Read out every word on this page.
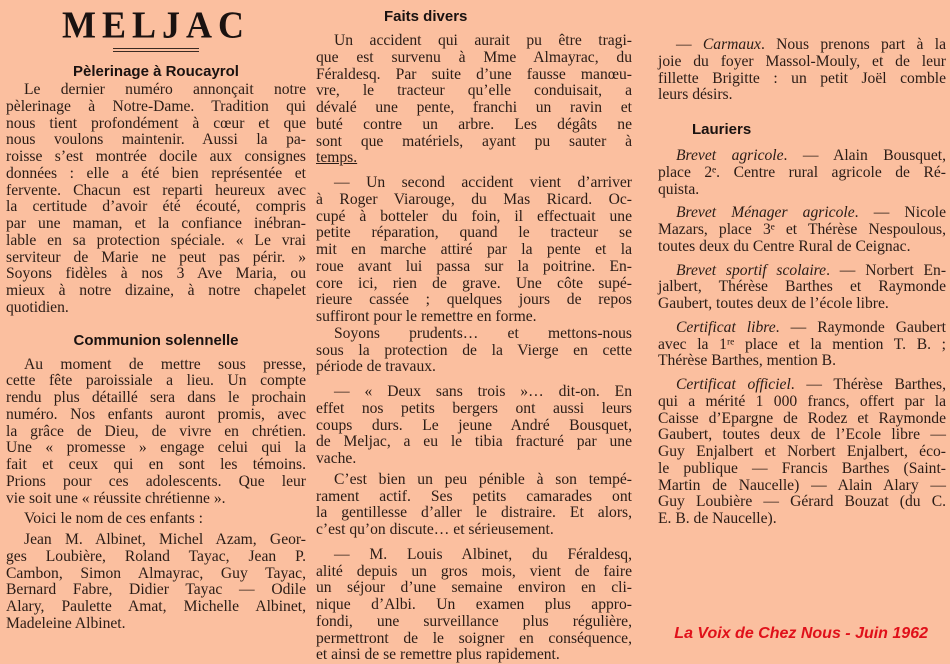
MELJAC
Pèlerinage à Roucayrol
Le dernier numéro annonçait notre
pèlerinage à Notre-Dame. Tradition qui
nous tient profondément à cœur et que
nous voulons maintenir. Aussi la pa-
roisse s’est montrée docile aux consignes
données : elle a été bien représentée et
fervente. Chacun est reparti heureux avec
la certitude d’avoir été écouté, compris
par une maman, et la confiance inébran-
lable en sa protection spéciale. « Le vrai
serviteur de Marie ne peut pas périr. »
Soyons fidèles à nos 3 Ave Maria, ou
mieux à notre dizaine, à notre chapelet
quotidien.
Communion solennelle
Au moment de mettre sous presse,
cette fête paroissiale a lieu. Un compte
rendu plus détaillé sera dans le prochain
numéro. Nos enfants auront promis, avec
la grâce de Dieu, de vivre en chrétien.
Une « promesse » engage celui qui la
fait et ceux qui en sont les témoins.
Prions pour ces adolescents. Que leur
vie soit une « réussite chrétienne ».
Voici le nom de ces enfants :
Jean M. Albinet, Michel Azam, Geor-
ges Loubière, Roland Tayac, Jean P.
Cambon, Simon Almayrac, Guy Tayac,
Bernard Fabre, Didier Tayac — Odile
Alary, Paulette Amat, Michelle Albinet,
Madeleine Albinet.
Faits divers
Un accident qui aurait pu être tragi-
que est survenu à Mme Almayrac, du
Féraldesq. Par suite d’une fausse manœu-
vre, le tracteur qu’elle conduisait, a
dévalé une pente, franchi un ravin et
buté contre un arbre. Les dégâts ne
sont que matériels, ayant pu sauter à
temps.
— Un second accident vient d’arriver
à Roger Viarouge, du Mas Ricard. Oc-
cupé à botteler du foin, il effectuait une
petite réparation, quand le tracteur se
mit en marche attiré par la pente et la
roue avant lui passa sur la poitrine. En-
core ici, rien de grave. Une côte supé-
rieure cassée ; quelques jours de repos
suffiront pour le remettre en forme.
Soyons prudents… et mettons-nous
sous la protection de la Vierge en cette
période de travaux.
— « Deux sans trois »… dit-on. En
effet nos petits bergers ont aussi leurs
coups durs. Le jeune André Bousquet,
de Meljac, a eu le tibia fracturé par une
vache.
C’est bien un peu pénible à son tempé-
rament actif. Ses petits camarades ont
la gentillesse d’aller le distraire. Et alors,
c’est qu’on discute… et sérieusement.
— M. Louis Albinet, du Féraldesq,
alité depuis un gros mois, vient de faire
un séjour d’une semaine environ en cli-
nique d’Albi. Un examen plus appro-
fondi, une surveillance plus régulière,
permettront de le soigner en conséquence,
et ainsi de se remettre plus rapidement.
— Carmaux. Nous prenons part à la
joie du foyer Massol-Mouly, et de leur
fillette Brigitte : un petit Joël comble
leurs désirs.
Lauriers
Brevet agricole. — Alain Bousquet,
place 2ᵉ. Centre rural agricole de Ré-
quista.
Brevet Ménager agricole. — Nicole
Mazars, place 3ᵉ et Thérèse Nespoulous,
toutes deux du Centre Rural de Ceignac.
Brevet sportif scolaire. — Norbert En-
jalbert, Thérèse Barthes et Raymonde
Gaubert, toutes deux de l’école libre.
Certificat libre. — Raymonde Gaubert
avec la 1ʳᵉ place et la mention T. B. ;
Thérèse Barthes, mention B.
Certificat officiel. — Thérèse Barthes,
qui a mérité 1 000 francs, offert par la
Caisse d’Epargne de Rodez et Raymonde
Gaubert, toutes deux de l’Ecole libre —
Guy Enjalbert et Norbert Enjalbert, éco-
le publique — Francis Barthes (Saint-
Martin de Naucelle) — Alain Alary —
Guy Loubière — Gérard Bouzat (du C.
E. B. de Naucelle).
La Voix de Chez Nous - Juin 1962
